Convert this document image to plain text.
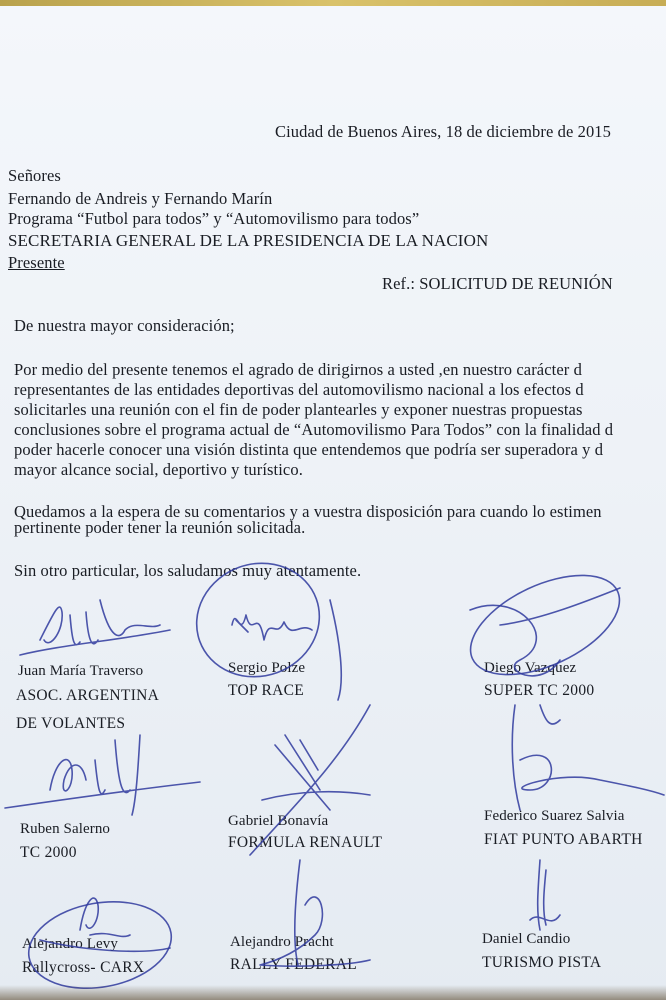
Ciudad de Buenos Aires, 18 de diciembre de 2015
Señores
Fernando de Andreis y Fernando Marín
Programa “Futbol para todos” y “Automovilismo para todos”
SECRETARIA GENERAL DE LA PRESIDENCIA DE LA NACION
Presente
Ref.: SOLICITUD DE REUNIÓN
De nuestra mayor consideración;
Por medio del presente tenemos el agrado de dirigirnos a usted ,en nuestro carácter d
representantes de las entidades deportivas del automovilismo nacional a los efectos d
solicitarles una reunión con el fin de poder plantearles y exponer nuestras propuestas
conclusiones sobre el programa actual de “Automovilismo Para Todos” con la finalidad d
poder hacerle conocer una visión distinta que entendemos que podría ser superadora y d
mayor alcance social, deportivo y turístico.
Quedamos a la espera de su comentarios y a vuestra disposición para cuando lo estimen
pertinente poder tener la reunión solicitada.
Sin otro particular, los saludamos muy atentamente.
Juan María Traverso
ASOC. ARGENTINA
DE VOLANTES
Sergio Polze
TOP RACE
Diego Vazquez
SUPER TC 2000
Ruben Salerno
TC 2000
Gabriel Bonavía
FORMULA RENAULT
Federico Suarez Salvia
FIAT PUNTO ABARTH
Alejandro Levy
Rallycross- CARX
Alejandro Pracht
RALLY FEDERAL
Daniel Candio
TURISMO PISTA
